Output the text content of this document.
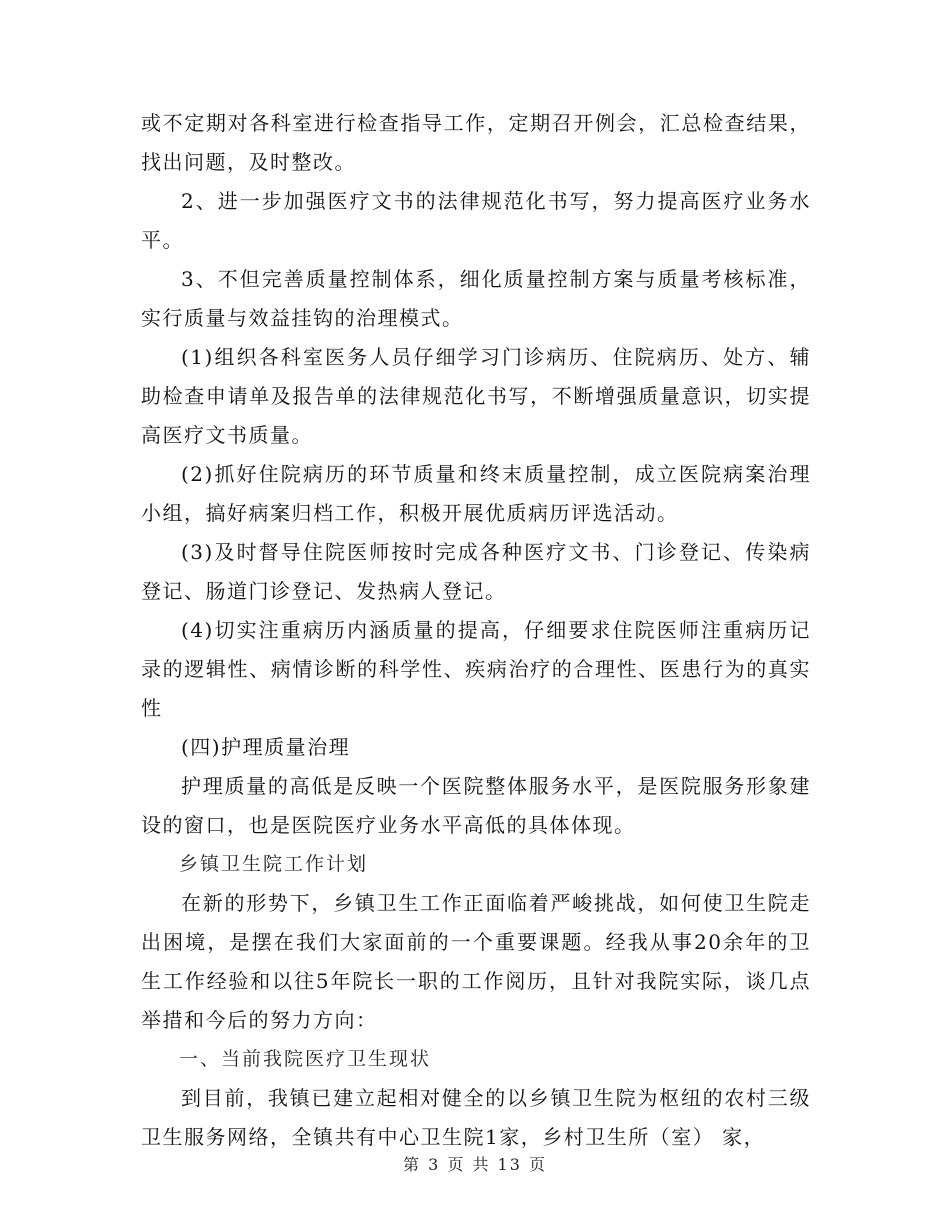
或不定期对各科室进行检查指导工作，定期召开例会，汇总检查结果，找出问题，及时整改。

2、进一步加强医疗文书的法律规范化书写，努力提高医疗业务水平。

3、不但完善质量控制体系，细化质量控制方案与质量考核标准，实行质量与效益挂钩的治理模式。

(1)组织各科室医务人员仔细学习门诊病历、住院病历、处方、辅助检查申请单及报告单的法律规范化书写，不断增强质量意识，切实提高医疗文书质量。

(2)抓好住院病历的环节质量和终末质量控制，成立医院病案治理小组，搞好病案归档工作，积极开展优质病历评选活动。

(3)及时督导住院医师按时完成各种医疗文书、门诊登记、传染病登记、肠道门诊登记、发热病人登记。

(4)切实注重病历内涵质量的提高，仔细要求住院医师注重病历记录的逻辑性、病情诊断的科学性、疾病治疗的合理性、医患行为的真实性

(四)护理质量治理

护理质量的高低是反映一个医院整体服务水平，是医院服务形象建设的窗口，也是医院医疗业务水平高低的具体体现。

乡镇卫生院工作计划

在新的形势下，乡镇卫生工作正面临着严峻挑战，如何使卫生院走出困境，是摆在我们大家面前的一个重要课题。经我从事20余年的卫生工作经验和以往5年院长一职的工作阅历，且针对我院实际，谈几点举措和今后的努力方向：

一、当前我院医疗卫生现状

到目前，我镇已建立起相对健全的以乡镇卫生院为枢纽的农村三级卫生服务网络，全镇共有中心卫生院1家，乡村卫生所（室） 家，

第 3 页 共 13 页
